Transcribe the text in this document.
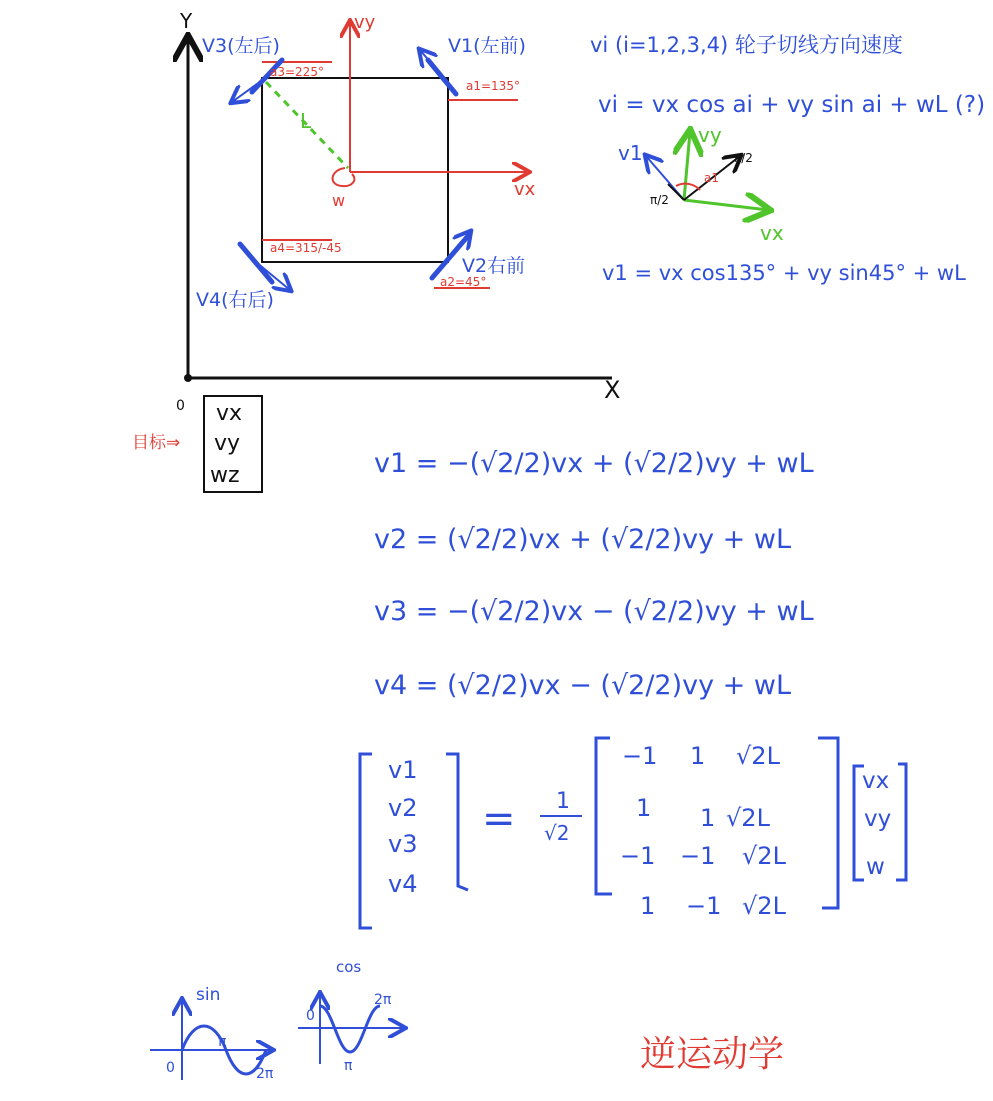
Y
X
0
vy
vx
w
L
V3(左后)
a3=225°
V1(左前)
a1=135°
V4(右后)
a4=315/-45
V2右前
a2=45°
目标⇒
vx
vy
wz
vi (i=1,2,3,4) 轮子切线方向速度
vi = vx cos ai + vy sin ai + wL (?)
v1 = vx cos135° + vy sin45° + wL
v1
vy
vx
a1
π/2
π/2
v1 = −(√2/2)vx + (√2/2)vy + wL
v2 = (√2/2)vx + (√2/2)vy + wL
v3 = −(√2/2)vx − (√2/2)vy + wL
v4 = (√2/2)vx − (√2/2)vy + wL
v1
v2
v3
v4
= 1
√2
−1 1 √2L
1 1 √2L
−1 −1 √2L
1 −1 √2L
vx
vy
w
sin
π
2π
0
cos
π
2π
0
逆运动学
